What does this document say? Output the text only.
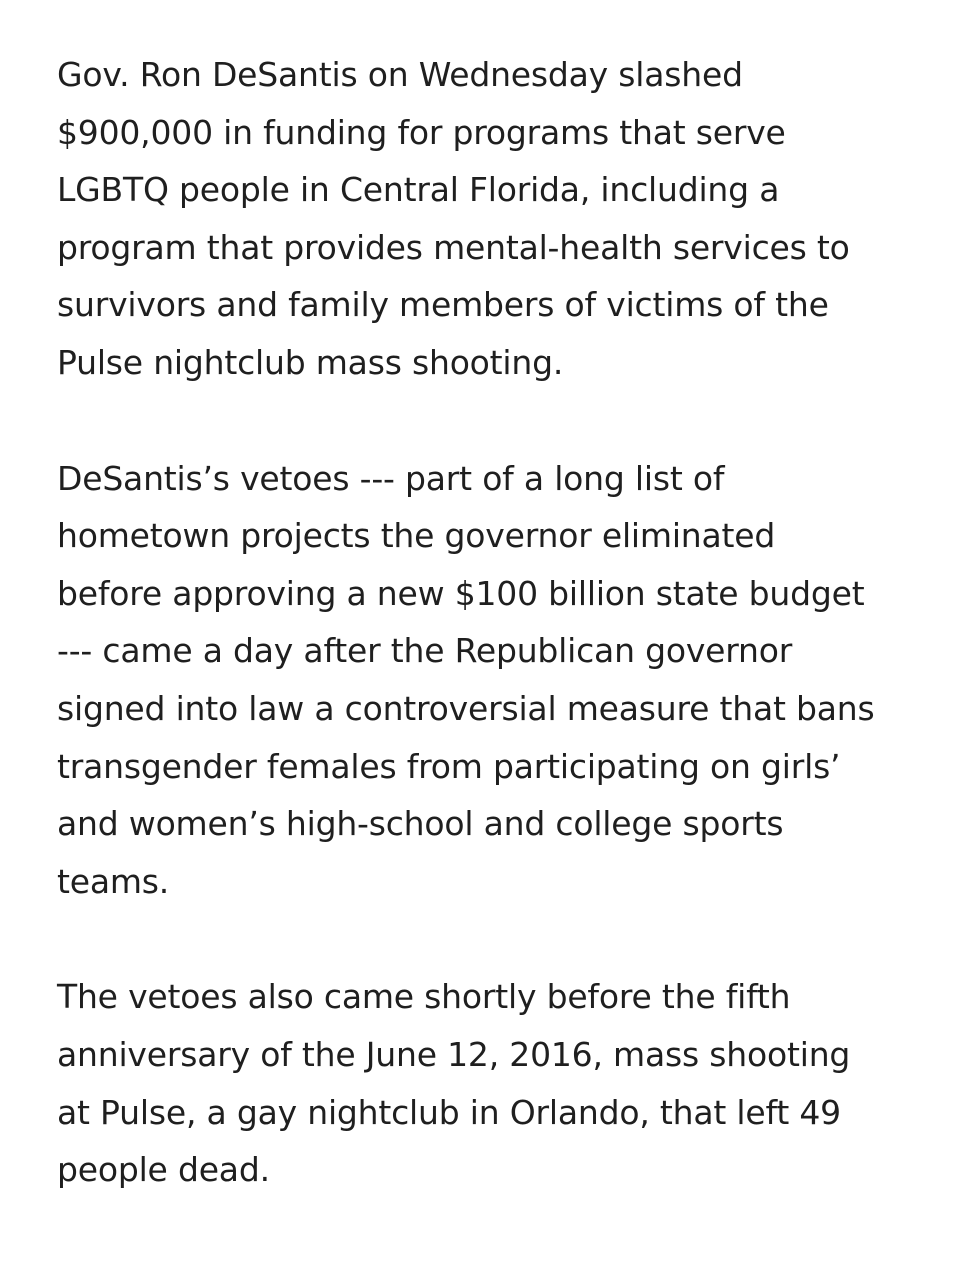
Gov. Ron DeSantis on Wednesday slashed
$900,000 in funding for programs that serve
LGBTQ people in Central Florida, including a
program that provides mental-health services to
survivors and family members of victims of the
Pulse nightclub mass shooting.

DeSantis’s vetoes --- part of a long list of
hometown projects the governor eliminated
before approving a new $100 billion state budget
--- came a day after the Republican governor
signed into law a controversial measure that bans
transgender females from participating on girls’
and women’s high-school and college sports
teams.

The vetoes also came shortly before the fifth
anniversary of the June 12, 2016, mass shooting
at Pulse, a gay nightclub in Orlando, that left 49
people dead.
